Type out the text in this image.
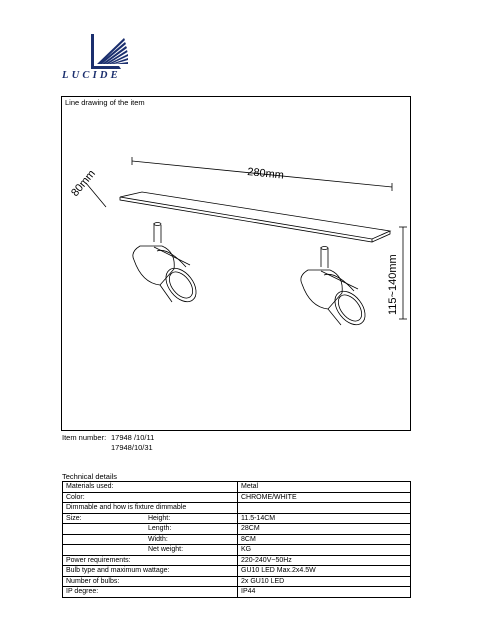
LUCIDE
Line drawing of the item
280mm
80mm
115~140mm
Item number: 17948 /10/11
17948/10/31
Technical details
Materials used:	Metal
Color:	CHROME/WHITE
Dimmable and how is fixture dimmable	
Size: Height:	11.5-14CM
Length:	28CM
Width:	8CM
Net weight:	KG
Power requirements:	220-240V~50Hz
Bulb type and maximum wattage:	GU10 LED Max.2x4.5W
Number of bulbs:	2x GU10 LED
IP degree:	IP44
